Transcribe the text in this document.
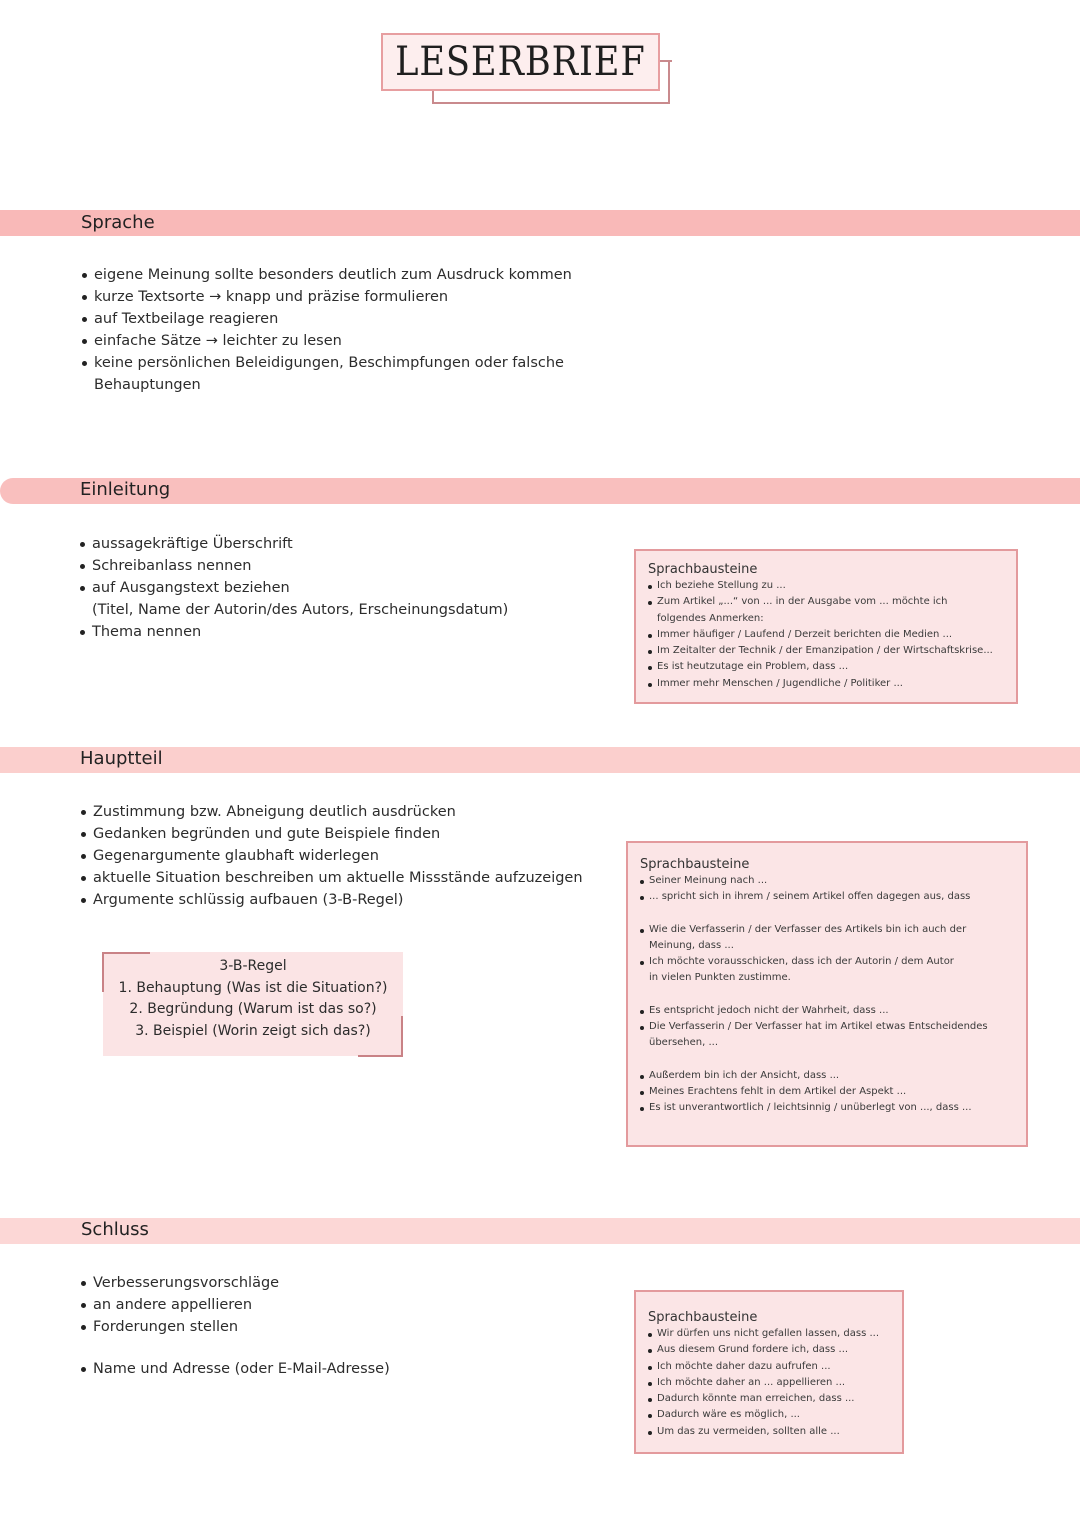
LESERBRIEF
Sprache
eigene Meinung sollte besonders deutlich zum Ausdruck kommen
kurze Textsorte → knapp und präzise formulieren
auf Textbeilage reagieren
einfache Sätze → leichter zu lesen
keine persönlichen Beleidigungen, Beschimpfungen oder falsche
Behauptungen
Einleitung
aussagekräftige Überschrift
Schreibanlass nennen
auf Ausgangstext beziehen
(Titel, Name der Autorin/des Autors, Erscheinungsdatum)
Thema nennen
Sprachbausteine
Ich beziehe Stellung zu ...
Zum Artikel „...“ von ... in der Ausgabe vom ... möchte ich
folgendes Anmerken:
Immer häufiger / Laufend / Derzeit berichten die Medien ...
Im Zeitalter der Technik / der Emanzipation / der Wirtschaftskrise...
Es ist heutzutage ein Problem, dass ...
Immer mehr Menschen / Jugendliche / Politiker ...
Hauptteil
Zustimmung bzw. Abneigung deutlich ausdrücken
Gedanken begründen und gute Beispiele finden
Gegenargumente glaubhaft widerlegen
aktuelle Situation beschreiben um aktuelle Missstände aufzuzeigen
Argumente schlüssig aufbauen (3-B-Regel)
3-B-Regel
1. Behauptung (Was ist die Situation?)
2. Begründung (Warum ist das so?)
3. Beispiel (Worin zeigt sich das?)
Sprachbausteine
Seiner Meinung nach ...
... spricht sich in ihrem / seinem Artikel offen dagegen aus, dass
Wie die Verfasserin / der Verfasser des Artikels bin ich auch der
Meinung, dass ...
Ich möchte vorausschicken, dass ich der Autorin / dem Autor
in vielen Punkten zustimme.
Es entspricht jedoch nicht der Wahrheit, dass ...
Die Verfasserin / Der Verfasser hat im Artikel etwas Entscheidendes
übersehen, ...
Außerdem bin ich der Ansicht, dass ...
Meines Erachtens fehlt in dem Artikel der Aspekt ...
Es ist unverantwortlich / leichtsinnig / unüberlegt von ..., dass ...
Schluss
Verbesserungsvorschläge
an andere appellieren
Forderungen stellen
Name und Adresse (oder E-Mail-Adresse)
Sprachbausteine
Wir dürfen uns nicht gefallen lassen, dass ...
Aus diesem Grund fordere ich, dass ...
Ich möchte daher dazu aufrufen ...
Ich möchte daher an ... appellieren ...
Dadurch könnte man erreichen, dass ...
Dadurch wäre es möglich, ...
Um das zu vermeiden, sollten alle ...
